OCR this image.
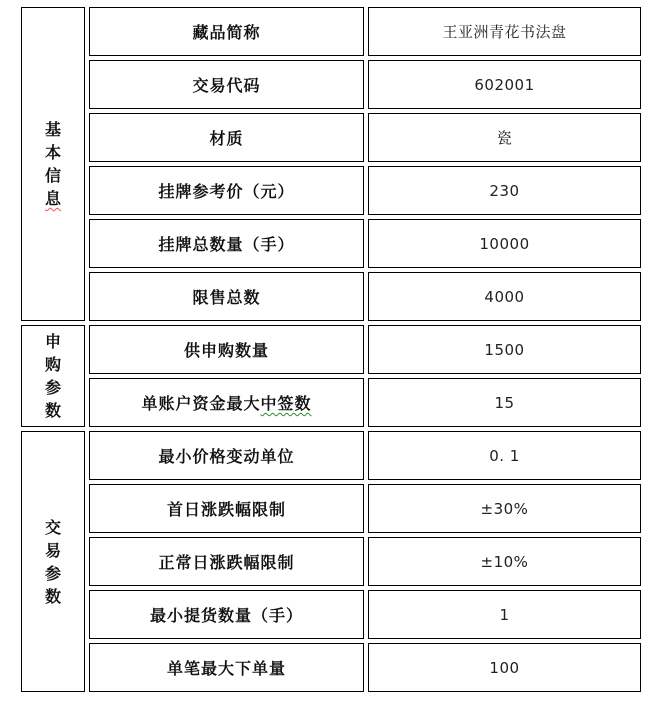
基本信息	藏品简称	王亚洲青花书法盘
	交易代码	602001
	材质	瓷
	挂牌参考价（元）	230
	挂牌总数量（手）	10000
	限售总数	4000

申购参数	供申购数量	1500
	单账户资金最大中签数	15

交易参数	最小价格变动单位	0. 1
	首日涨跌幅限制	±30%
	正常日涨跌幅限制	±10%
	最小提货数量（手）	1
	单笔最大下单量	100
